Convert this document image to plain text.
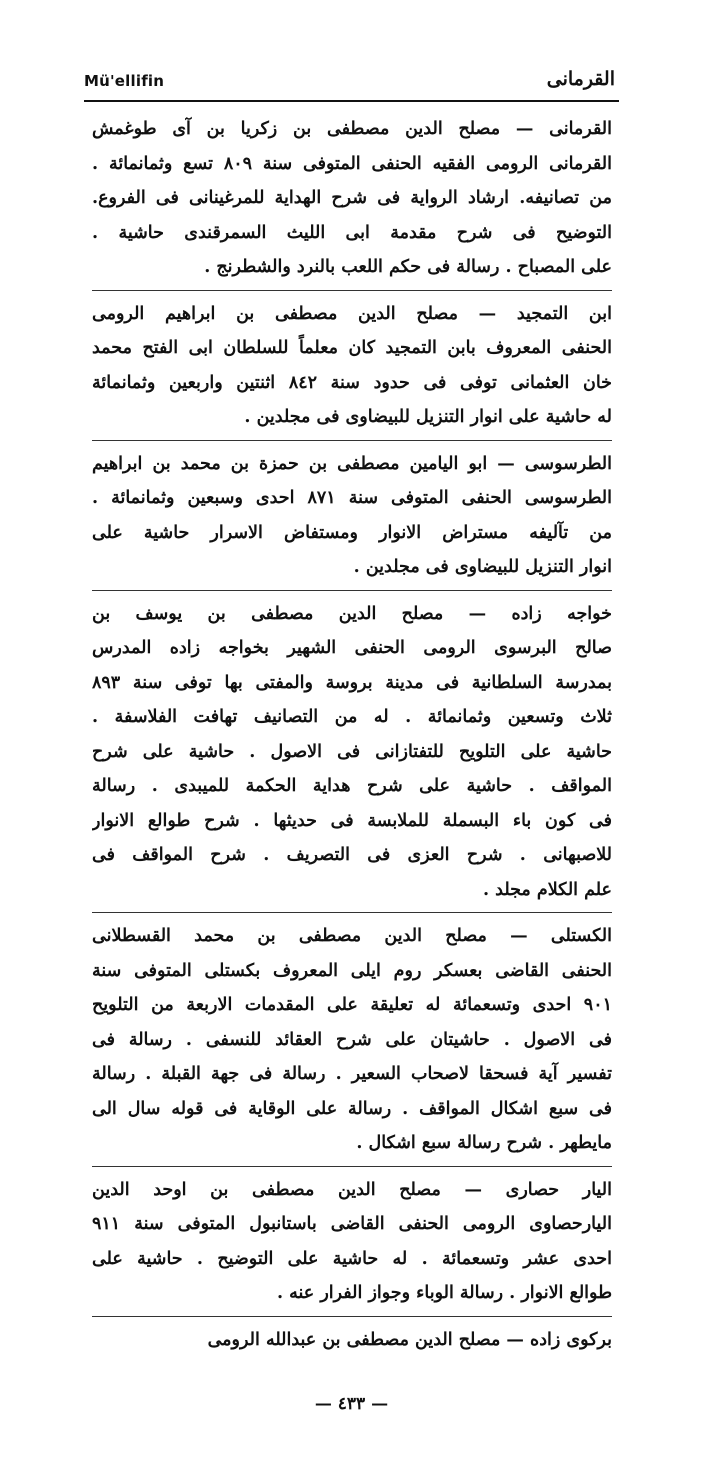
Mü'ellifin	القرمانى
القرمانى — مصلح الدين مصطفى بن زكريا بن آى طوغمش
القرمانى الرومى الفقيه الحنفى المتوفى سنة ٨٠٩ تسع وثمانمائة .
من تصانيفه. ارشاد الرواية فى شرح الهداية للمرغينانى فى الفروع.
التوضيح فى شرح مقدمة ابى الليث السمرقندى حاشية .
على المصباح . رسالة فى حكم اللعب بالنرد والشطرنج .
ابن التمجيد — مصلح الدين مصطفى بن ابراهيم الرومى
الحنفى المعروف بابن التمجيد كان معلماً للسلطان ابى الفتح محمد
خان العثمانى توفى فى حدود سنة ٨٤٢ اثنتين واربعين وثمانمائة
له حاشية على انوار التنزيل للبيضاوى فى مجلدين .
الطرسوسى — ابو اليامين مصطفى بن حمزة بن محمد بن ابراهيم
الطرسوسى الحنفى المتوفى سنة ٨٧١ احدى وسبعين وثمانمائة .
من تآليفه مستراض الانوار ومستفاض الاسرار حاشية على
انوار التنزيل للبيضاوى فى مجلدين .
خواجه زاده — مصلح الدين مصطفى بن يوسف بن
صالح البرسوى الرومى الحنفى الشهير بخواجه زاده المدرس
بمدرسة السلطانية فى مدينة بروسة والمفتى بها توفى سنة ٨٩٣
ثلاث وتسعين وثمانمائة . له من التصانيف تهافت الفلاسفة .
حاشية على التلويح للتفتازانى فى الاصول . حاشية على شرح
المواقف . حاشية على شرح هداية الحكمة للميبدى . رسالة
فى كون باء البسملة للملابسة فى حديثها . شرح طوالع الانوار
للاصبهانى . شرح العزى فى التصريف . شرح المواقف فى
علم الكلام مجلد .
الكستلى — مصلح الدين مصطفى بن محمد القسطلانى
الحنفى القاضى بعسكر روم ايلى المعروف بكستلى المتوفى سنة
٩٠١ احدى وتسعمائة له تعليقة على المقدمات الاربعة من التلويح
فى الاصول . حاشيتان على شرح العقائد للنسفى . رسالة فى
تفسير آية فسحقا لاصحاب السعير . رسالة فى جهة القبلة . رسالة
فى سبع اشكال المواقف . رسالة على الوقاية فى قوله سال الى
مايطهر . شرح رسالة سبع اشكال .
اليار حصارى — مصلح الدين مصطفى بن اوحد الدين
اليارحصاوى الرومى الحنفى القاضى باستانبول المتوفى سنة ٩١١
احدى عشر وتسعمائة . له حاشية على التوضيح . حاشية على
طوالع الانوار . رسالة الوباء وجواز الفرار عنه .
بركوى زاده — مصلح الدين مصطفى بن عبدالله الرومى
— ٤٣٣ —
